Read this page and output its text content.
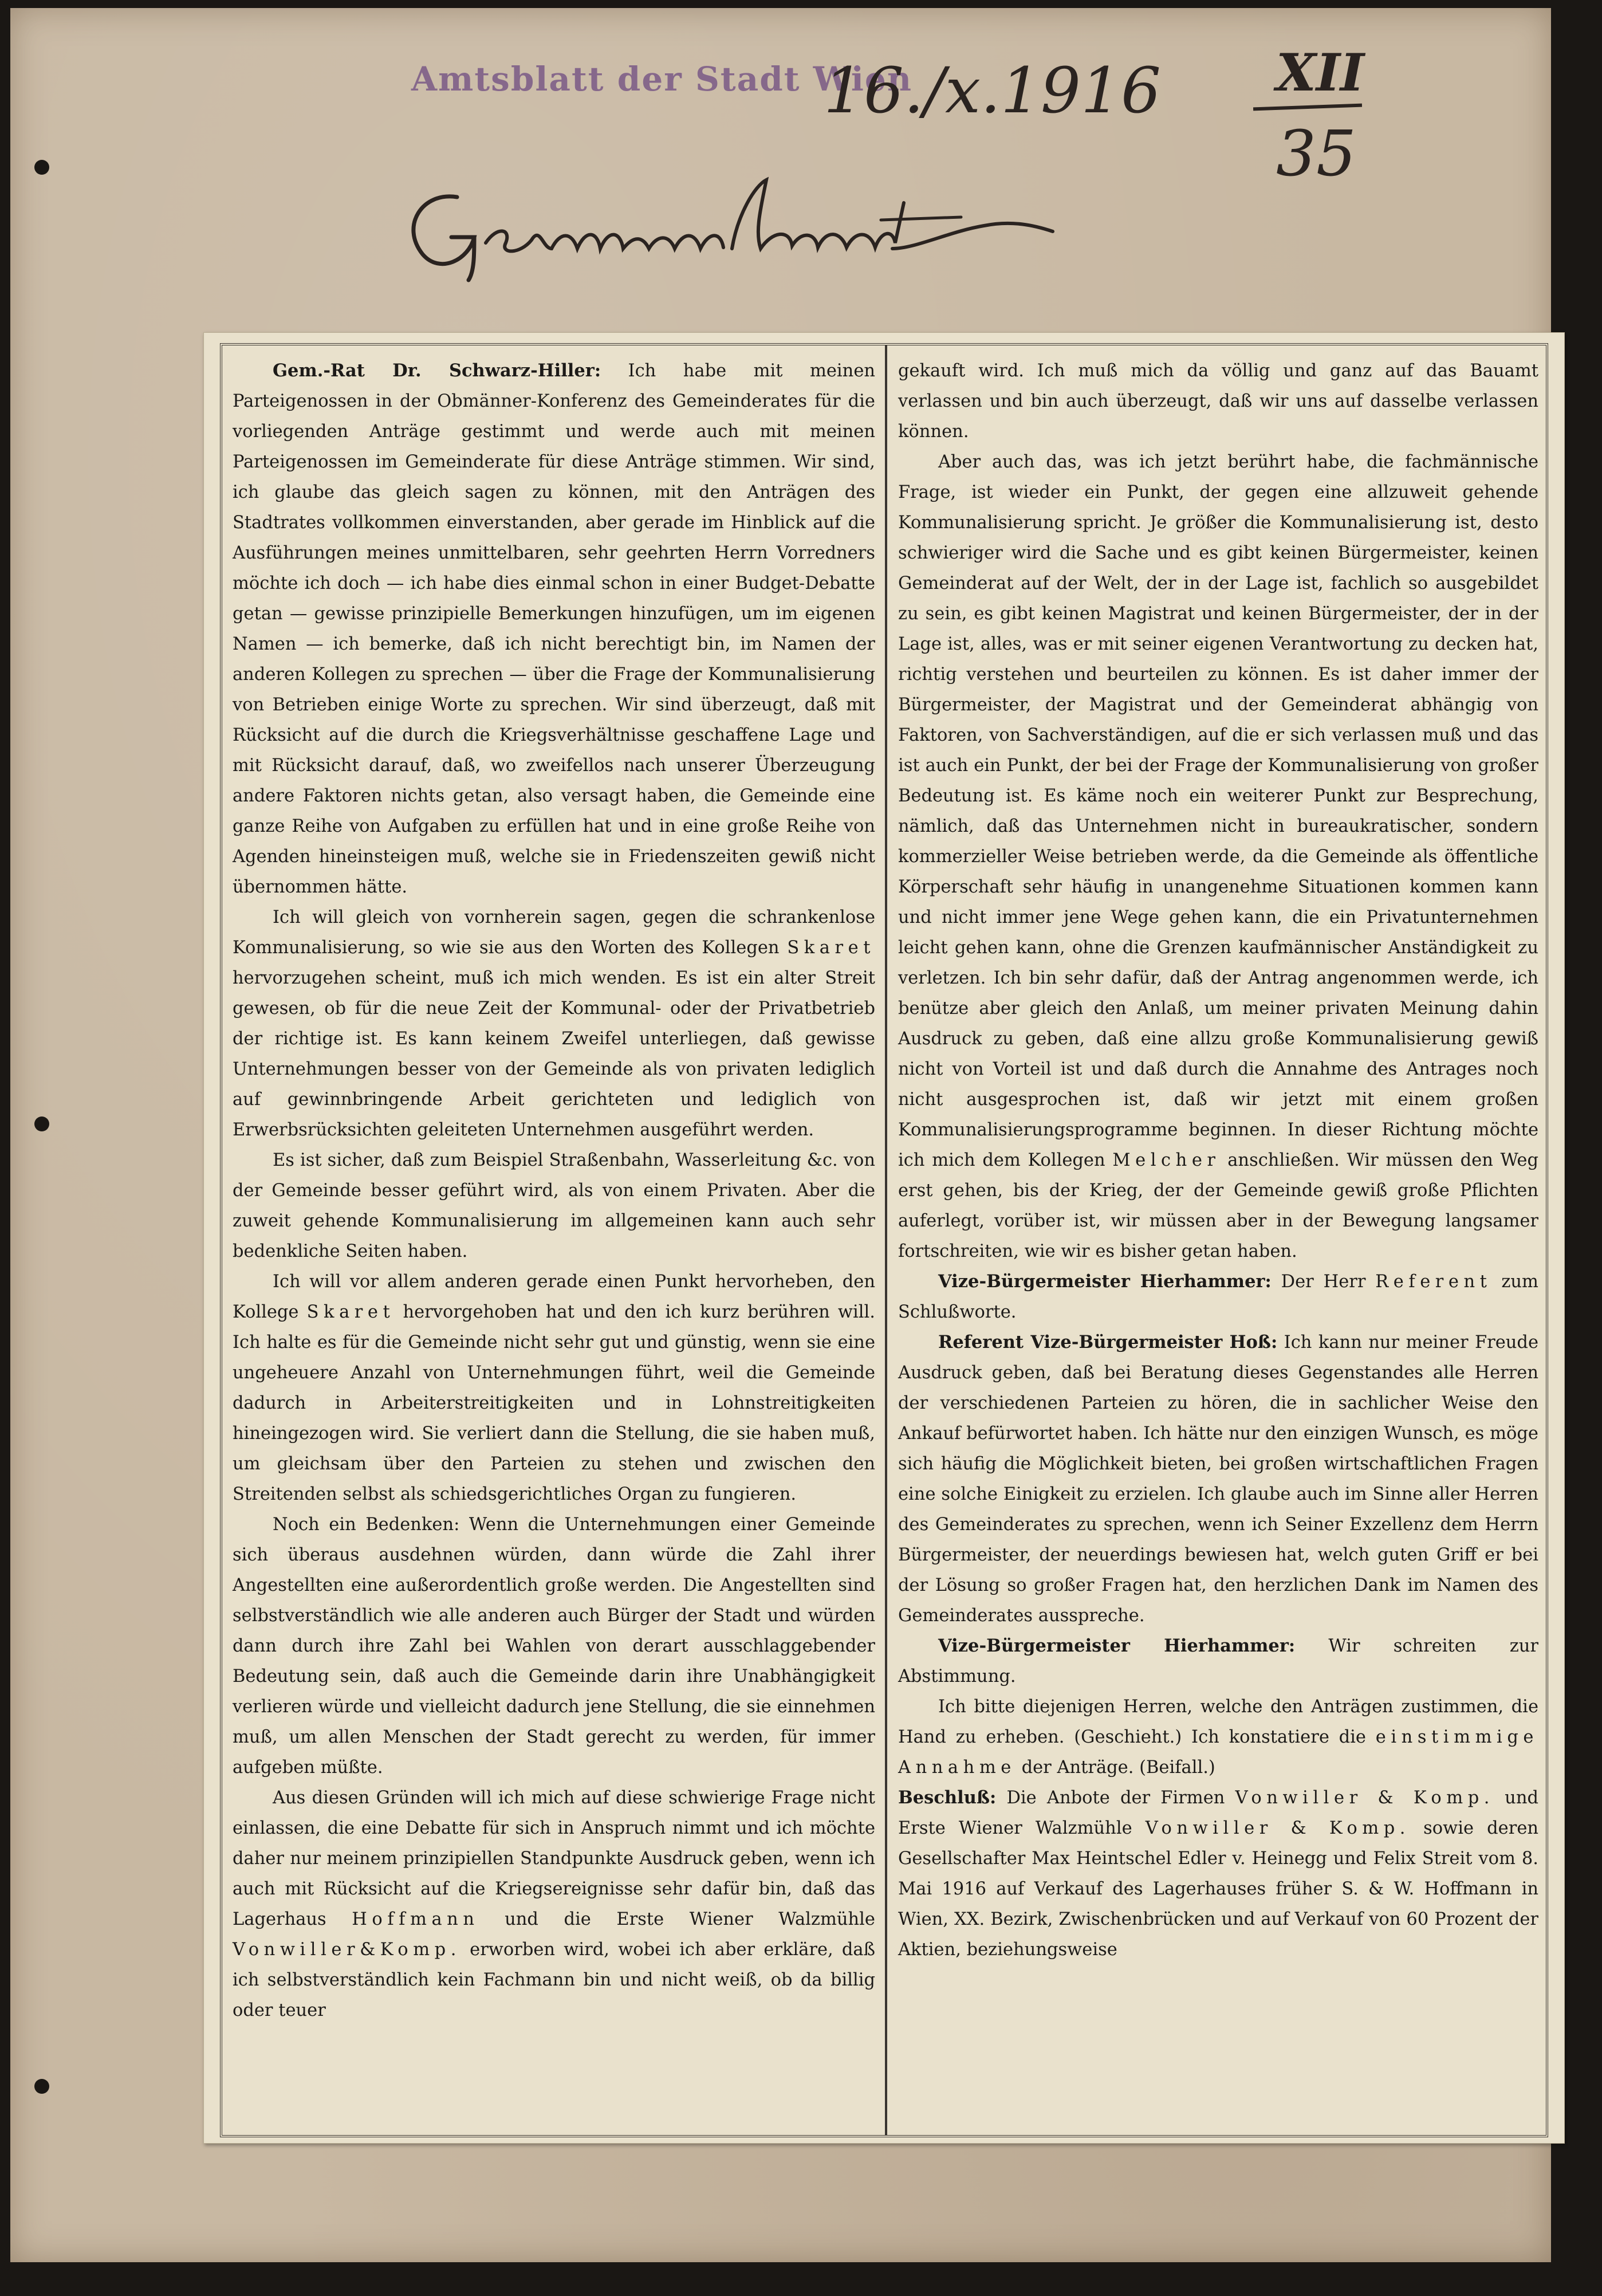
Amtsblatt der Stadt Wien
16./x.1916 XII
35

Gem.-Rat Dr. Schwarz-Hiller: Ich habe mit meinen Parteigenossen in der Obmänner-Konferenz des Gemeinderates für die vorliegenden Anträge gestimmt und werde auch mit meinen Parteigenossen im Gemeinderate für diese Anträge stimmen. Wir sind, ich glaube das gleich sagen zu können, mit den Anträgen des Stadtrates vollkommen einverstanden, aber gerade im Hinblick auf die Ausführungen meines unmittelbaren, sehr geehrten Herrn Vorredners möchte ich doch — ich habe dies einmal schon in einer Budget-Debatte getan — gewisse prinzipielle Bemerkungen hinzufügen, um im eigenen Namen — ich bemerke, daß ich nicht berechtigt bin, im Namen der anderen Kollegen zu sprechen — über die Frage der Kommunalisierung von Betrieben einige Worte zu sprechen. Wir sind überzeugt, daß mit Rücksicht auf die durch die Kriegsverhältnisse geschaffene Lage und mit Rücksicht darauf, daß, wo zweifellos nach unserer Überzeugung andere Faktoren nichts getan, also versagt haben, die Gemeinde eine ganze Reihe von Aufgaben zu erfüllen hat und in eine große Reihe von Agenden hineinsteigen muß, welche sie in Friedenszeiten gewiß nicht übernommen hätte.

Ich will gleich von vornherein sagen, gegen die schrankenlose Kommunalisierung, so wie sie aus den Worten des Kollegen Skaret hervorzugehen scheint, muß ich mich wenden. Es ist ein alter Streit gewesen, ob für die neue Zeit der Kommunal- oder der Privatbetrieb der richtige ist. Es kann keinem Zweifel unterliegen, daß gewisse Unternehmungen besser von der Gemeinde als von privaten lediglich auf gewinnbringende Arbeit gerichteten und lediglich von Erwerbsrücksichten geleiteten Unternehmen ausgeführt werden.

Es ist sicher, daß zum Beispiel Straßenbahn, Wasserleitung &c. von der Gemeinde besser geführt wird, als von einem Privaten. Aber die zuweit gehende Kommunalisierung im allgemeinen kann auch sehr bedenkliche Seiten haben.

Ich will vor allem anderen gerade einen Punkt hervorheben, den Kollege Skaret hervorgehoben hat und den ich kurz berühren will. Ich halte es für die Gemeinde nicht sehr gut und günstig, wenn sie eine ungeheuere Anzahl von Unternehmungen führt, weil die Gemeinde dadurch in Arbeiterstreitigkeiten und in Lohnstreitigkeiten hineingezogen wird. Sie verliert dann die Stellung, die sie haben muß, um gleichsam über den Parteien zu stehen und zwischen den Streitenden selbst als schiedsgerichtliches Organ zu fungieren.

Noch ein Bedenken: Wenn die Unternehmungen einer Gemeinde sich überaus ausdehnen würden, dann würde die Zahl ihrer Angestellten eine außerordentlich große werden. Die Angestellten sind selbstverständlich wie alle anderen auch Bürger der Stadt und würden dann durch ihre Zahl bei Wahlen von derart ausschlaggebender Bedeutung sein, daß auch die Gemeinde darin ihre Unabhängigkeit verlieren würde und vielleicht dadurch jene Stellung, die sie einnehmen muß, um allen Menschen der Stadt gerecht zu werden, für immer aufgeben müßte.

Aus diesen Gründen will ich mich auf diese schwierige Frage nicht einlassen, die eine Debatte für sich in Anspruch nimmt und ich möchte daher nur meinem prinzipiellen Standpunkte Ausdruck geben, wenn ich auch mit Rücksicht auf die Kriegsereignisse sehr dafür bin, daß das Lagerhaus Hoffmann und die Erste Wiener Walzmühle Vonwiller&Komp. erworben wird, wobei ich aber erkläre, daß ich selbstverständlich kein Fachmann bin und nicht weiß, ob da billig oder teuer

gekauft wird. Ich muß mich da völlig und ganz auf das Bauamt verlassen und bin auch überzeugt, daß wir uns auf dasselbe verlassen können.

Aber auch das, was ich jetzt berührt habe, die fachmännische Frage, ist wieder ein Punkt, der gegen eine allzuweit gehende Kommunalisierung spricht. Je größer die Kommunalisierung ist, desto schwieriger wird die Sache und es gibt keinen Bürgermeister, keinen Gemeinderat auf der Welt, der in der Lage ist, fachlich so ausgebildet zu sein, es gibt keinen Magistrat und keinen Bürgermeister, der in der Lage ist, alles, was er mit seiner eigenen Verantwortung zu decken hat, richtig verstehen und beurteilen zu können. Es ist daher immer der Bürgermeister, der Magistrat und der Gemeinderat abhängig von Faktoren, von Sachverständigen, auf die er sich verlassen muß und das ist auch ein Punkt, der bei der Frage der Kommunalisierung von großer Bedeutung ist. Es käme noch ein weiterer Punkt zur Besprechung, nämlich, daß das Unternehmen nicht in bureaukratischer, sondern kommerzieller Weise betrieben werde, da die Gemeinde als öffentliche Körperschaft sehr häufig in unangenehme Situationen kommen kann und nicht immer jene Wege gehen kann, die ein Privatunternehmen leicht gehen kann, ohne die Grenzen kaufmännischer Anständigkeit zu verletzen. Ich bin sehr dafür, daß der Antrag angenommen werde, ich benütze aber gleich den Anlaß, um meiner privaten Meinung dahin Ausdruck zu geben, daß eine allzu große Kommunalisierung gewiß nicht von Vorteil ist und daß durch die Annahme des Antrages noch nicht ausgesprochen ist, daß wir jetzt mit einem großen Kommunalisierungsprogramme beginnen. In dieser Richtung möchte ich mich dem Kollegen Melcher anschließen. Wir müssen den Weg erst gehen, bis der Krieg, der der Gemeinde gewiß große Pflichten auferlegt, vorüber ist, wir müssen aber in der Bewegung langsamer fortschreiten, wie wir es bisher getan haben.

Vize-Bürgermeister Hierhammer: Der Herr Referent zum Schlußworte.

Referent Vize-Bürgermeister Hoß: Ich kann nur meiner Freude Ausdruck geben, daß bei Beratung dieses Gegenstandes alle Herren der verschiedenen Parteien zu hören, die in sachlicher Weise den Ankauf befürwortet haben. Ich hätte nur den einzigen Wunsch, es möge sich häufig die Möglichkeit bieten, bei großen wirtschaftlichen Fragen eine solche Einigkeit zu erzielen. Ich glaube auch im Sinne aller Herren des Gemeinderates zu sprechen, wenn ich Seiner Exzellenz dem Herrn Bürgermeister, der neuerdings bewiesen hat, welch guten Griff er bei der Lösung so großer Fragen hat, den herzlichen Dank im Namen des Gemeinderates ausspreche.

Vize-Bürgermeister Hierhammer: Wir schreiten zur Abstimmung.

Ich bitte diejenigen Herren, welche den Anträgen zustimmen, die Hand zu erheben. (Geschieht.) Ich konstatiere die einstimmige Annahme der Anträge. (Beifall.)

Beschluß: Die Anbote der Firmen Vonwiller & Komp. und Erste Wiener Walzmühle Vonwiller & Komp. sowie deren Gesellschafter Max Heintschel Edler v. Heinegg und Felix Streit vom 8. Mai 1916 auf Verkauf des Lagerhauses früher S. & W. Hoffmann in Wien, XX. Bezirk, Zwischenbrücken und auf Verkauf von 60 Prozent der Aktien, beziehungsweise
